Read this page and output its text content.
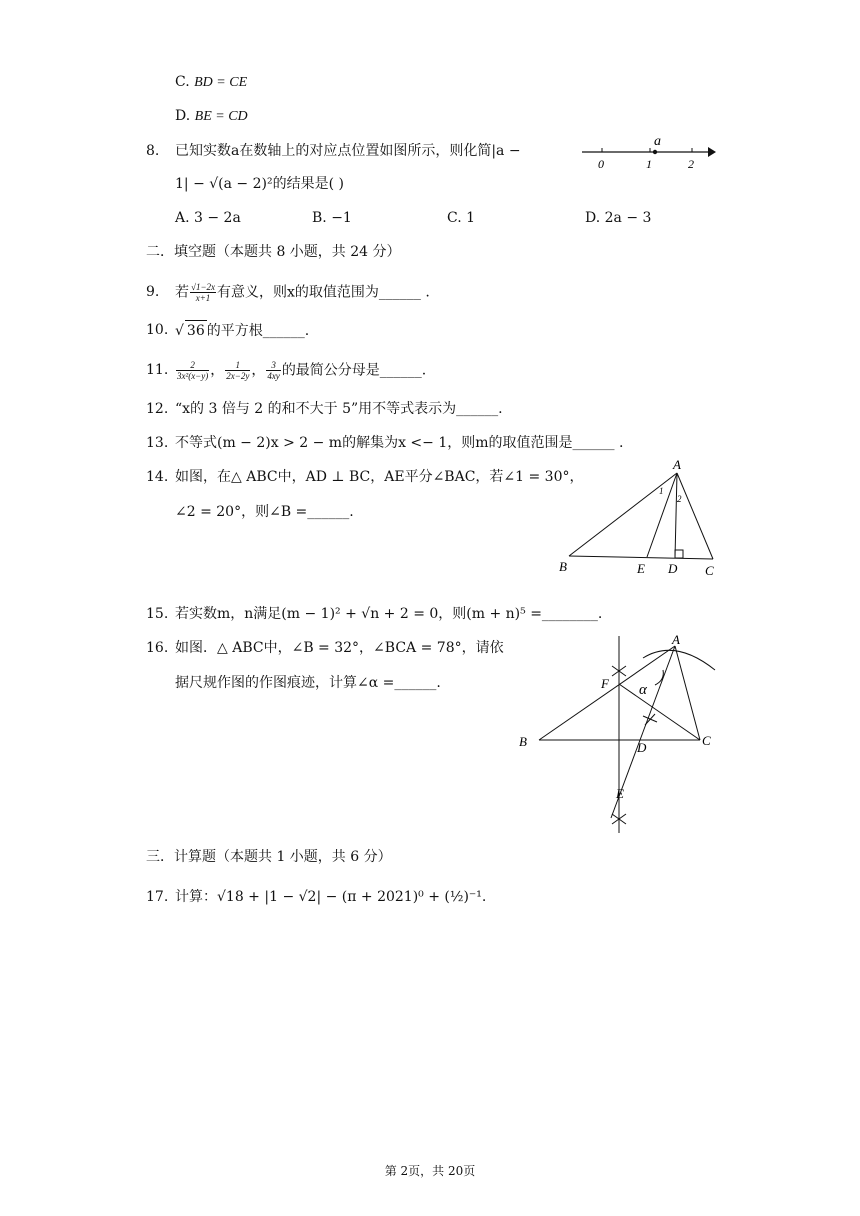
C. BD = CE
D. BE = CD
8. 已知实数a在数轴上的对应点位置如图所示，则化简|a −
1| − √(a − 2)²的结果是( )
a
0	1	2
A. 3 − 2a	B. −1	C. 1	D. 2a − 3
二．填空题（本题共 8 小题，共 24 分）
9. 若 $\frac{√1-2x}{x+1}$ 有意义，则x的取值范围为______ .
10. √ 36 的平方根______.
11. $\frac{2}{\text{3x²(x−y)}}$ ， $\frac{1}{2x-2y}$ ， $\frac{3}{4xy}$ 的最简公分母是______.
12. “x的 3 倍与 2 的和不大于 5”用不等式表示为______.
13. 不等式(m − 2)x > 2 − m的解集为x <− 1，则m的取值范围是______ .
14. 如图，在△ ABC中，AD ⊥ BC，AE平分∠BAC，若∠1 = 30°，
∠2 = 20°，则∠B =______.
A
B	C
D
E
1
2
15. 若实数m，n满足(m − 1)² + √n + 2 = 0，则(m + n)⁵ =________.
16. 如图．△ ABC中，∠B = 32°，∠BCA = 78°，请依
据尺规作图的作图痕迹，计算∠α =______.
A
B	C
D
E
F α
三．计算题（本题共 1 小题，共 6 分）
17. 计算：√18 + |1 − √2| − (π + 2021)⁰ + (½)⁻¹.
第 2页，共 20页
